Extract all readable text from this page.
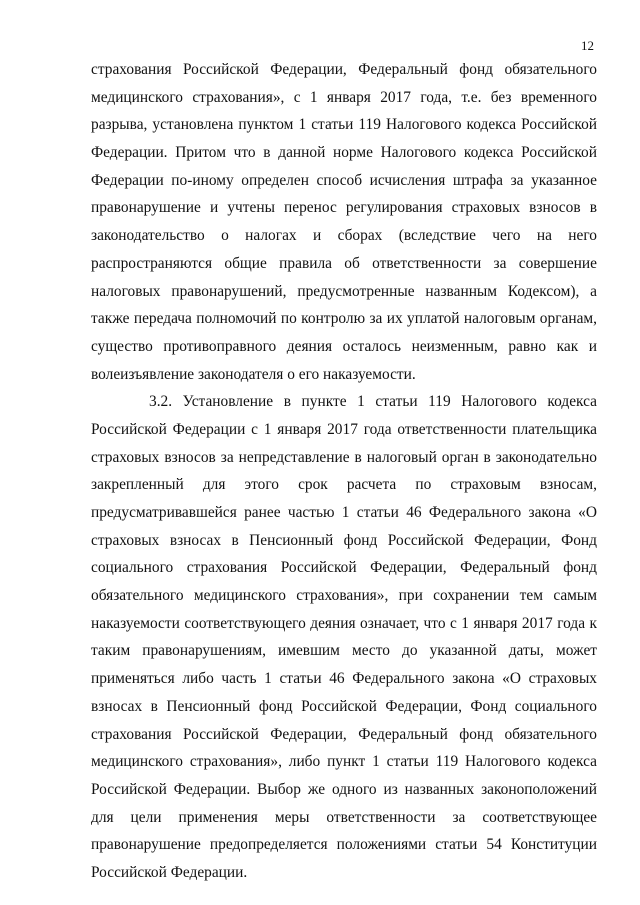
12
страхования Российской Федерации, Федеральный фонд обязательного
медицинского страхования», с 1 января 2017 года, т.е. без временного
разрыва, установлена пунктом 1 статьи 119 Налогового кодекса Российской
Федерации. Притом что в данной норме Налогового кодекса Российской
Федерации по-иному определен способ исчисления штрафа за указанное
правонарушение и учтены перенос регулирования страховых взносов в
законодательство о налогах и сборах (вследствие чего на него
распространяются общие правила об ответственности за совершение
налоговых правонарушений, предусмотренные названным Кодексом), а
также передача полномочий по контролю за их уплатой налоговым органам,
существо противоправного деяния осталось неизменным, равно как и
волеизъявление законодателя о его наказуемости.
3.2. Установление в пункте 1 статьи 119 Налогового кодекса
Российской Федерации с 1 января 2017 года ответственности плательщика
страховых взносов за непредставление в налоговый орган в законодательно
закрепленный для этого срок расчета по страховым взносам,
предусматривавшейся ранее частью 1 статьи 46 Федерального закона «О
страховых взносах в Пенсионный фонд Российской Федерации, Фонд
социального страхования Российской Федерации, Федеральный фонд
обязательного медицинского страхования», при сохранении тем самым
наказуемости соответствующего деяния означает, что с 1 января 2017 года к
таким правонарушениям, имевшим место до указанной даты, может
применяться либо часть 1 статьи 46 Федерального закона «О страховых
взносах в Пенсионный фонд Российской Федерации, Фонд социального
страхования Российской Федерации, Федеральный фонд обязательного
медицинского страхования», либо пункт 1 статьи 119 Налогового кодекса
Российской Федерации. Выбор же одного из названных законоположений
для цели применения меры ответственности за соответствующее
правонарушение предопределяется положениями статьи 54 Конституции
Российской Федерации.
